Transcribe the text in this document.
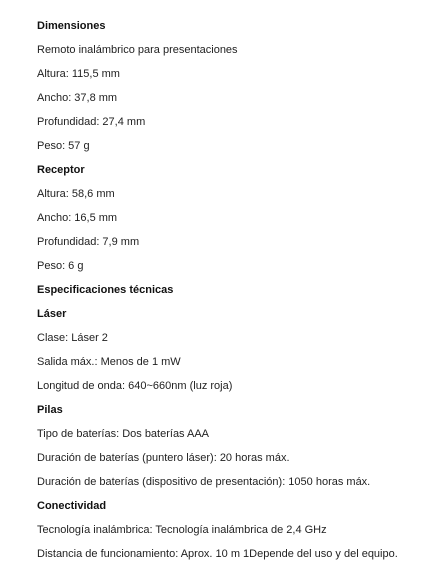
Dimensiones
Remoto inalámbrico para presentaciones
Altura: 115,5 mm
Ancho: 37,8 mm
Profundidad: 27,4 mm
Peso: 57 g
Receptor
Altura: 58,6 mm
Ancho: 16,5 mm
Profundidad: 7,9 mm
Peso: 6 g
Especificaciones técnicas
Láser
Clase: Láser 2
Salida máx.: Menos de 1 mW
Longitud de onda: 640~660nm (luz roja)
Pilas
Tipo de baterías: Dos baterías AAA
Duración de baterías (puntero láser): 20 horas máx.
Duración de baterías (dispositivo de presentación): 1050 horas máx.
Conectividad
Tecnología inalámbrica: Tecnología inalámbrica de 2,4 GHz
Distancia de funcionamiento: Aprox. 10 m 1Depende del uso y del equipo.
